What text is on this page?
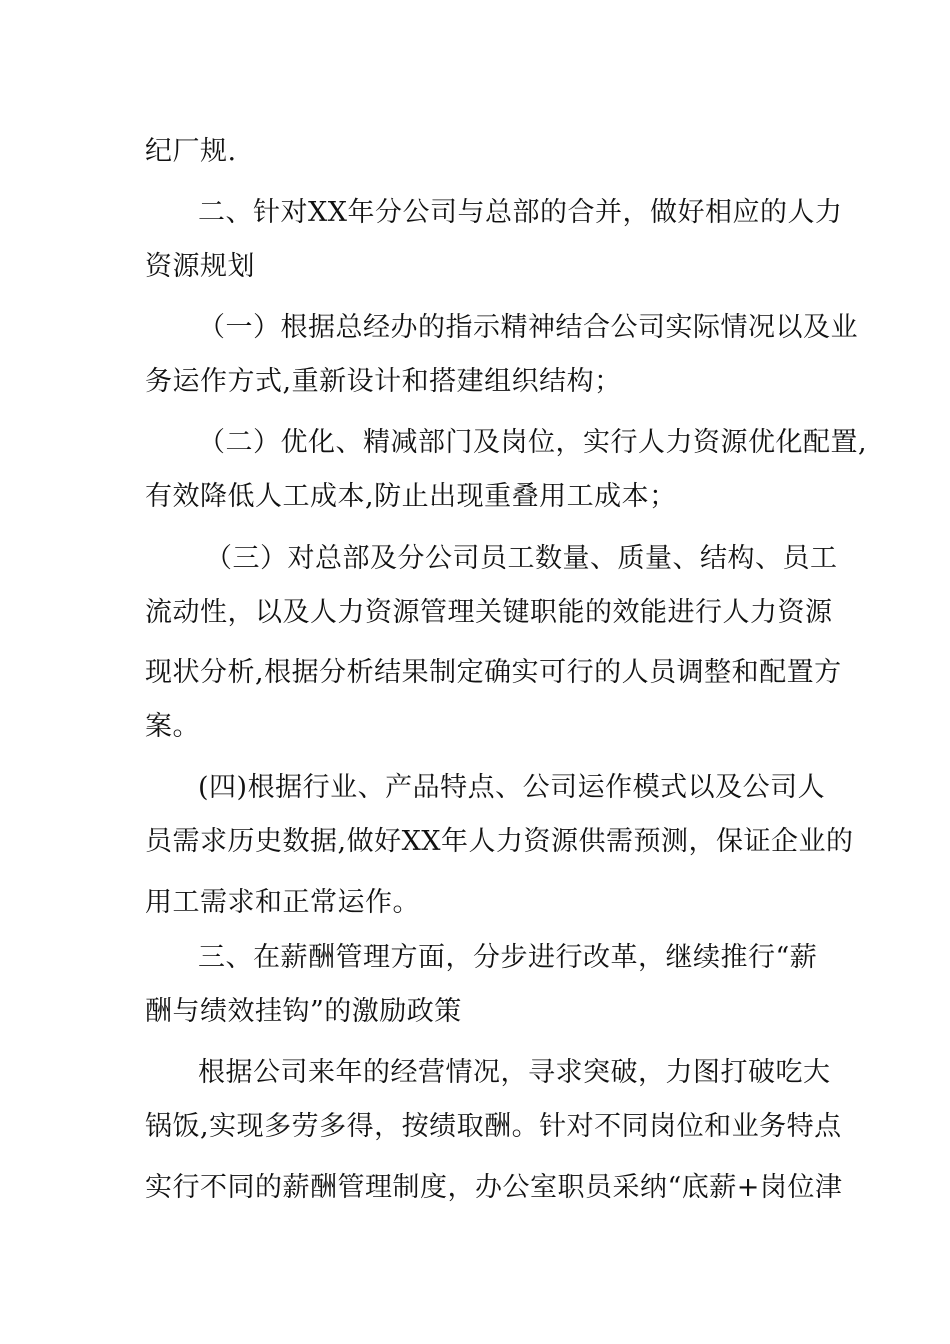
纪厂规.
二、针对XX年分公司与总部的合并，做好相应的人力
资源规划
（一）根据总经办的指示精神结合公司实际情况以及业
务运作方式,重新设计和搭建组织结构；
（二）优化、精减部门及岗位，实行人力资源优化配置,
有效降低人工成本,防止出现重叠用工成本；
（三）对总部及分公司员工数量、质量、结构、员工
流动性，以及人力资源管理关键职能的效能进行人力资源
现状分析,根据分析结果制定确实可行的人员调整和配置方
案。
(四)根据行业、产品特点、公司运作模式以及公司人
员需求历史数据,做好XX年人力资源供需预测，保证企业的
用工需求和正常运作。
三、在薪酬管理方面，分步进行改革，继续推行“薪
酬与绩效挂钩”的激励政策
根据公司来年的经营情况，寻求突破，力图打破吃大
锅饭,实现多劳多得，按绩取酬。针对不同岗位和业务特点
实行不同的薪酬管理制度，办公室职员采纳“底薪+岗位津
